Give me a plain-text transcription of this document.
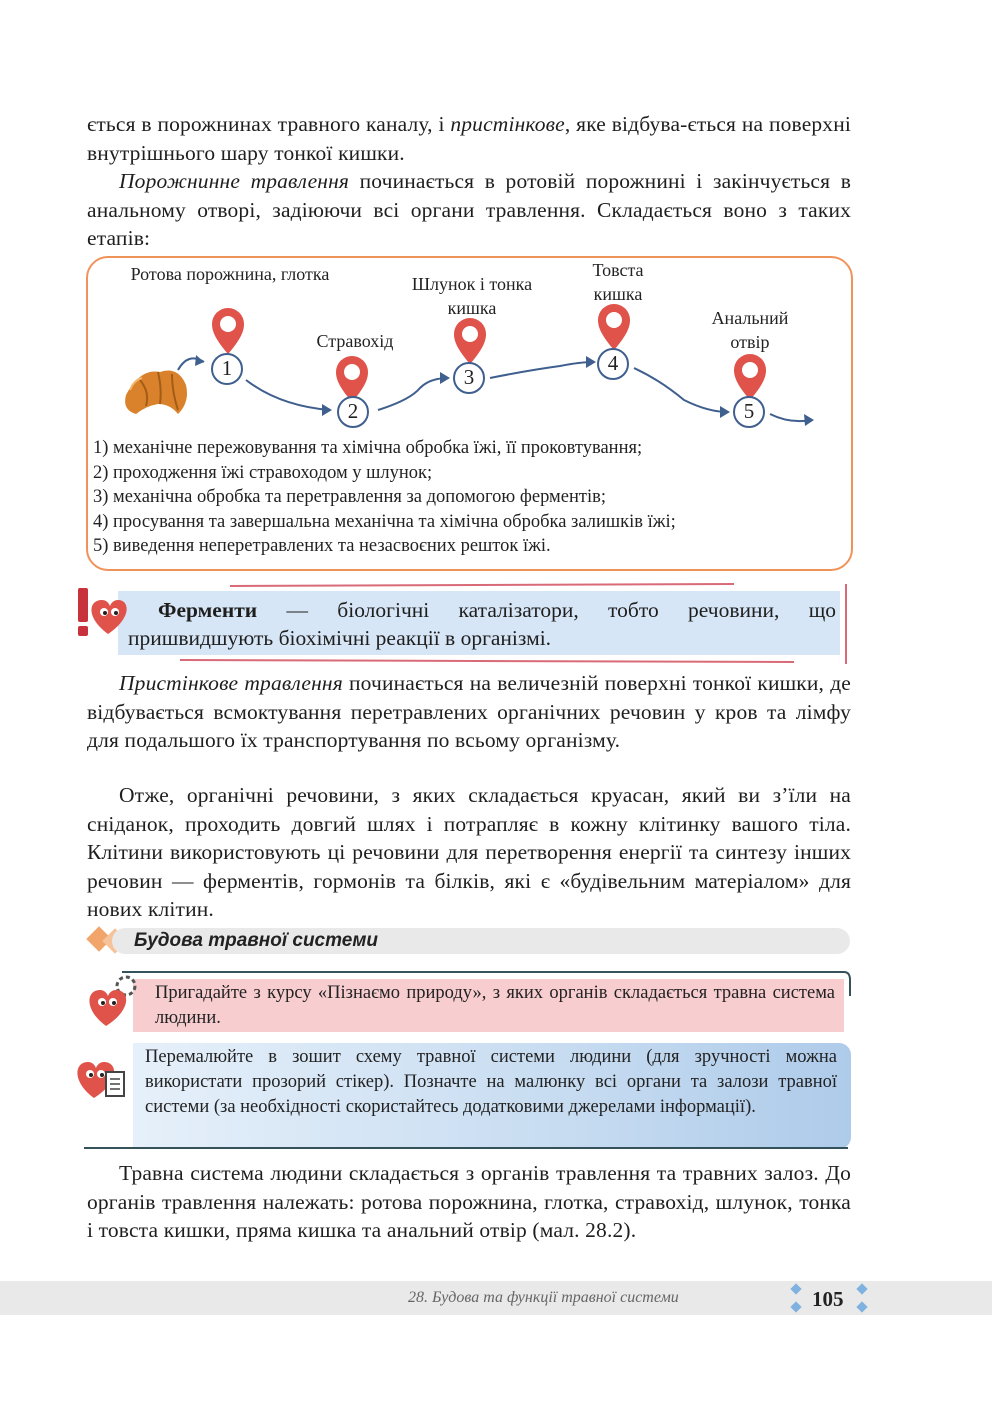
ється в порожнинах травного каналу, і пристінкове, яке відбува-ється на поверхні внутрішнього шару тонкої кишки.
Порожнинне травлення починається в ротовій порожнині і закінчується в анальному отворі, задіюючи всі органи травлення. Складається воно з таких етапів:
1
2
3
4
5
Ротова порожнина, глотка
Стравохід
Шлунок і тонка кишка
Товста кишка
Анальний отвір
1) механічне пережовування та хімічна обробка їжі, її проковтування;
2) проходження їжі стравоходом у шлунок;
3) механічна обробка та перетравлення за допомогою ферментів;
4) просування та завершальна механічна та хімічна обробка залишків їжі;
5) виведення неперетравлених та незасвоєних решток їжі.
Ферменти — біологічні каталізатори, тобто речовини, що пришвидшують біохімічні реакції в організмі.
Пристінкове травлення починається на величезній поверхні тонкої кишки, де відбувається всмоктування перетравлених органічних речовин у кров та лімфу для подальшого їх транспортування по всьому організму.
Отже, органічні речовини, з яких складається круасан, який ви з’їли на сніданок, проходить довгий шлях і потрапляє в кожну клітинку вашого тіла. Клітини використовують ці речовини для перетворення енергії та синтезу інших речовин — ферментів, гормонів та білків, які є «будівельним матеріалом» для нових клітин.
Будова травної системи
Пригадайте з курсу «Пізнаємо природу», з яких органів складається травна система людини.
Перемалюйте в зошит схему травної системи людини (для зручності можна використати прозорий стікер). Позначте на малюнку всі органи та залози травної системи (за необхідності скористайтесь додатковими джерелами інформації).
Травна система людини складається з органів травлення та травних залоз. До органів травлення належать: ротова порожнина, глотка, стравохід, шлунок, тонка і товста кишки, пряма кишка та анальний отвір (мал. 28.2).
28. Будова та функції травної системи	105
